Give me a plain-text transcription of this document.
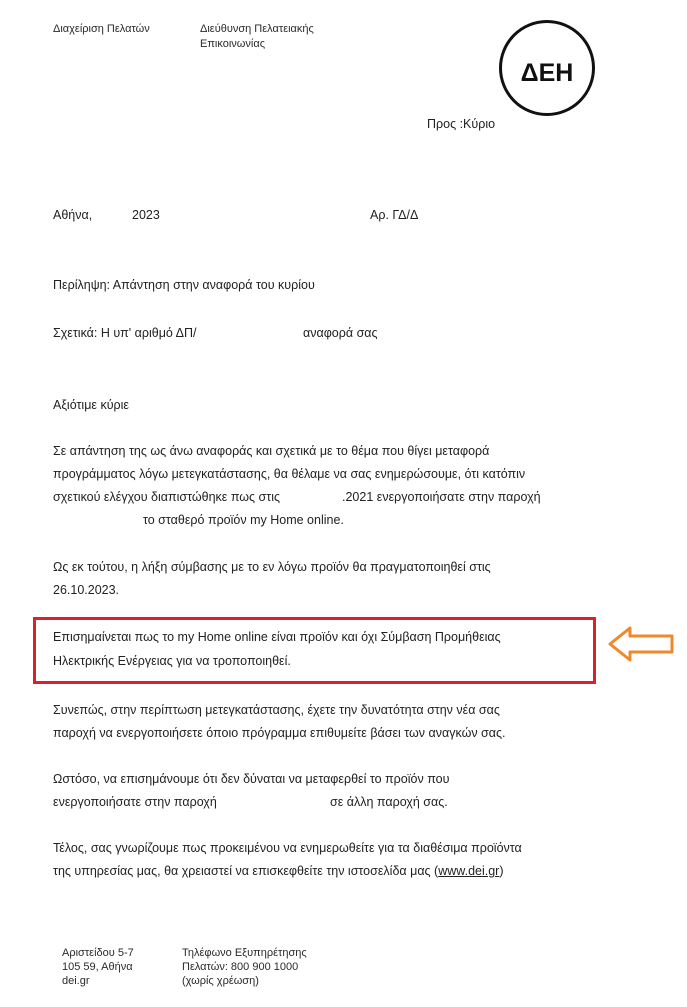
Διαχείριση Πελατών	Διεύθυνση Πελατειακής
Επικοινωνίας
ΔΕΗ
Προς :Κύριο
Αθήνα,	2023	Αρ. ΓΔ/Δ
Περίληψη: Απάντηση στην αναφορά του κυρίου
Σχετικά: Η υπ' αριθμό ΔΠ/	αναφορά σας
Αξιότιμε κύριε
Σε απάντηση της ως άνω αναφοράς και σχετικά με το θέμα που θίγει μεταφορά
προγράμματος λόγω μετεγκατάστασης, θα θέλαμε να σας ενημερώσουμε, ότι κατόπιν
σχετικού ελέγχου διαπιστώθηκε πως στις	.2021 ενεργοποιήσατε στην παροχή
το σταθερό προϊόν my Home online.
Ως εκ τούτου, η λήξη σύμβασης με το εν λόγω προϊόν θα πραγματοποιηθεί στις
26.10.2023.
Επισημαίνεται πως το my Home online είναι προϊόν και όχι Σύμβαση Προμήθειας
Ηλεκτρικής Ενέργειας για να τροποποιηθεί.
Συνεπώς, στην περίπτωση μετεγκατάστασης, έχετε την δυνατότητα στην νέα σας
παροχή να ενεργοποιήσετε όποιο πρόγραμμα επιθυμείτε βάσει των αναγκών σας.
Ωστόσο, να επισημάνουμε ότι δεν δύναται να μεταφερθεί το προϊόν που
ενεργοποιήσατε στην παροχή	σε άλλη παροχή σας.
Τέλος, σας γνωρίζουμε πως προκειμένου να ενημερωθείτε για τα διαθέσιμα προϊόντα
της υπηρεσίας μας, θα χρειαστεί να επισκεφθείτε την ιστοσελίδα μας (www.dei.gr)
Αριστείδου 5-7
105 59, Αθήνα
dei.gr
Τηλέφωνο Εξυπηρέτησης
Πελατών: 800 900 1000
(χωρίς χρέωση)
